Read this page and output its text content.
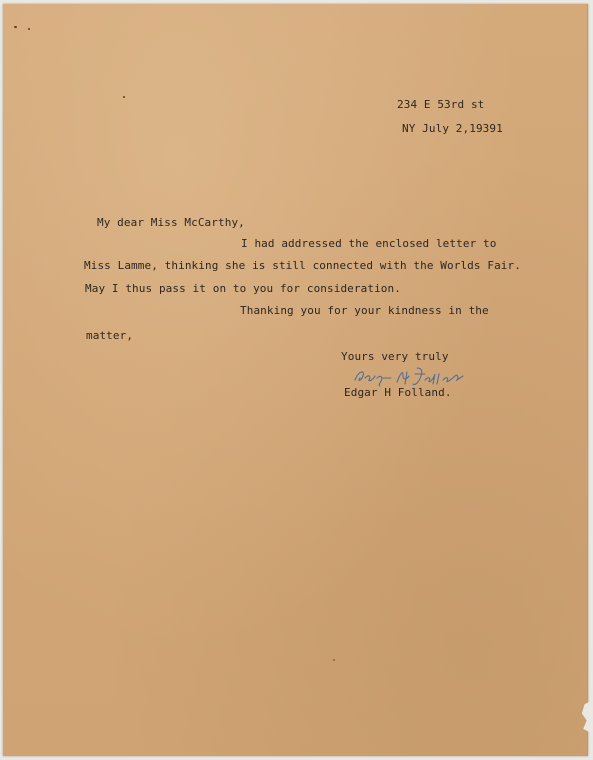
234 E 53rd st

NY July 2,19391

My dear Miss McCarthy,

I had addressed the enclosed letter to

Miss Lamme, thinking she is still connected with the Worlds Fair.

May I thus pass it on to you for consideration.

Thanking you for your kindness in the

matter,

Yours very truly

Edgar H Folland.
